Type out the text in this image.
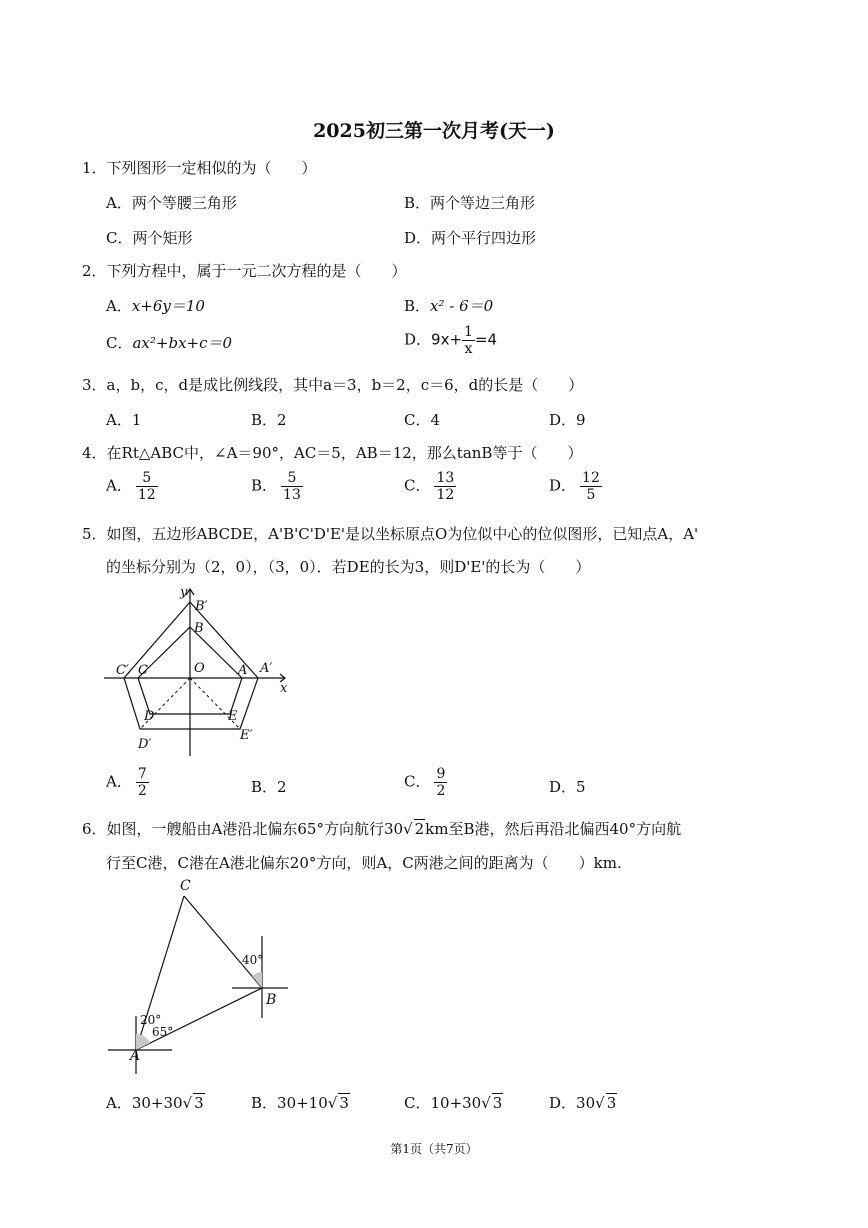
2025初三第一次月考(天一)
1．下列图形一定相似的为（　　）
A．两个等腰三角形	B．两个等边三角形
C．两个矩形	D．两个平行四边形
2．下列方程中，属于一元二次方程的是（　　）
A．x+6y＝10	B．x² - 6＝0
C．ax²+bx+c＝0	D．$9x+ \frac{1}{x} =4$
3．a，b，c，d是成比例线段，其中a＝3，b＝2，c＝6，d的长是（　　）
A．1	B．2	C．4	D．9
4．在Rt△ABC中，∠A＝90°，AC＝5，AB＝12，那么tanB等于（　　）
A． $\frac{5}{12}$	B． $\frac{5}{13}$	C． $\frac{13}{12}$	D． $\frac{12}{5}$
5．如图，五边形ABCDE，A'B'C'D'E'是以坐标原点O为位似中心的位似图形，已知点A，A'
的坐标分别为（2，0），（3，0）．若DE的长为3，则D'E'的长为（　　）
y
x
O
B′
B
A A′
C
C′
D
D′
E
E′
A． $\frac{7}{2}$	B．2	C． $\frac{9}{2}$	D．5
6．如图，一艘船由A港沿北偏东65°方向航行30√ 2km至B港，然后再沿北偏西40°方向航
行至C港，C港在A港北偏东20°方向，则A，C两港之间的距离为（　　）km.
A
B
C
20°
65°
40°
A．30+30√ 3	B．30+10√ 3	C．10+30√ 3	D．30√ 3
第1页（共7页）
